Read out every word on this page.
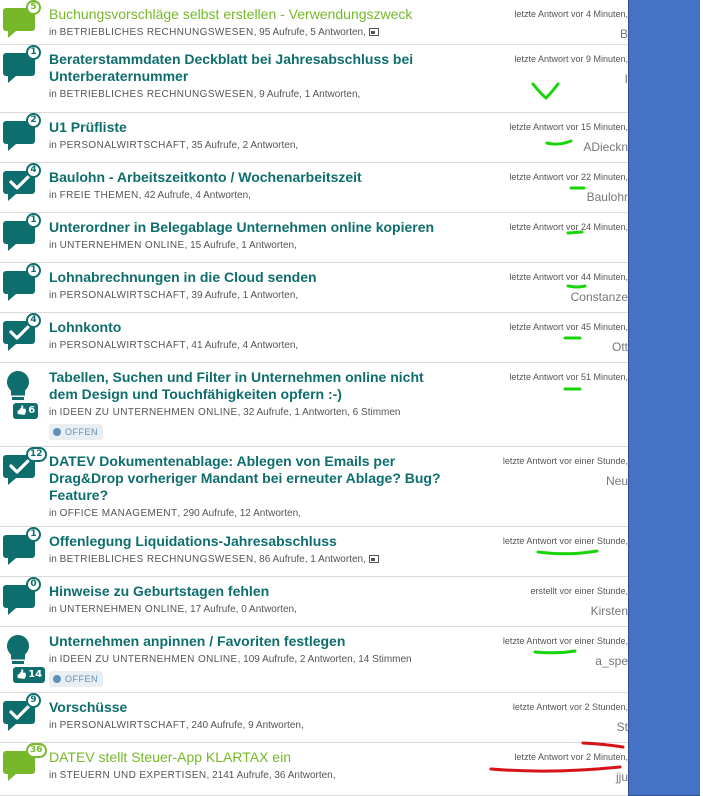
5 Buchungsvorschläge selbst erstellen - Verwendungszweck
in BETRIEBLICHES RECHNUNGSWESEN, 95 Aufrufe, 5 Antworten,
letzte Antwort vor 4 Minuten,
B
1 Beraterstammdaten Deckblatt bei Jahresabschluss bei
Unterberaternummer
in BETRIEBLICHES RECHNUNGSWESEN, 9 Aufrufe, 1 Antworten,
letzte Antwort vor 9 Minuten,
I
2 U1 Prüfliste
in PERSONALWIRTSCHAFT, 35 Aufrufe, 2 Antworten,
letzte Antwort vor 15 Minuten,
ADieckn
4 Baulohn - Arbeitszeitkonto / Wochenarbeitszeit
in FREIE THEMEN, 42 Aufrufe, 4 Antworten,
letzte Antwort vor 22 Minuten,
Baulohr
1 Unterordner in Belegablage Unternehmen online kopieren
in UNTERNEHMEN ONLINE, 15 Aufrufe, 1 Antworten,
letzte Antwort vor 24 Minuten,
1 Lohnabrechnungen in die Cloud senden
in PERSONALWIRTSCHAFT, 39 Aufrufe, 1 Antworten,
letzte Antwort vor 44 Minuten,
Constanze
4 Lohnkonto
in PERSONALWIRTSCHAFT, 41 Aufrufe, 4 Antworten,
letzte Antwort vor 45 Minuten,
Ott
👍6
Tabellen, Suchen und Filter in Unternehmen online nicht
dem Design und Touchfähigkeiten opfern :-)
in IDEEN ZU UNTERNEHMEN ONLINE, 32 Aufrufe, 1 Antworten, 6 Stimmen
OFFEN
letzte Antwort vor 51 Minuten,
12 DATEV Dokumentenablage: Ablegen von Emails per
Drag&Drop vorheriger Mandant bei erneuter Ablage? Bug?
Feature?
in OFFICE MANAGEMENT, 290 Aufrufe, 12 Antworten,
letzte Antwort vor einer Stunde,
Neu
1 Offenlegung Liquidations-Jahresabschluss
in BETRIEBLICHES RECHNUNGSWESEN, 86 Aufrufe, 1 Antworten,
letzte Antwort vor einer Stunde,
0 Hinweise zu Geburtstagen fehlen
in UNTERNEHMEN ONLINE, 17 Aufrufe, 0 Antworten,
erstellt vor einer Stunde,
Kirsten
👍14
Unternehmen anpinnen / Favoriten festlegen
in IDEEN ZU UNTERNEHMEN ONLINE, 109 Aufrufe, 2 Antworten, 14 Stimmen
OFFEN
letzte Antwort vor einer Stunde,
a_spe
9 Vorschüsse
in PERSONALWIRTSCHAFT, 240 Aufrufe, 9 Antworten,
letzte Antwort vor 2 Stunden,
St
36 DATEV stellt Steuer-App KLARTAX ein
in STEUERN UND EXPERTISEN, 2141 Aufrufe, 36 Antworten,
letzte Antwort vor 2 Minuten,
jju
